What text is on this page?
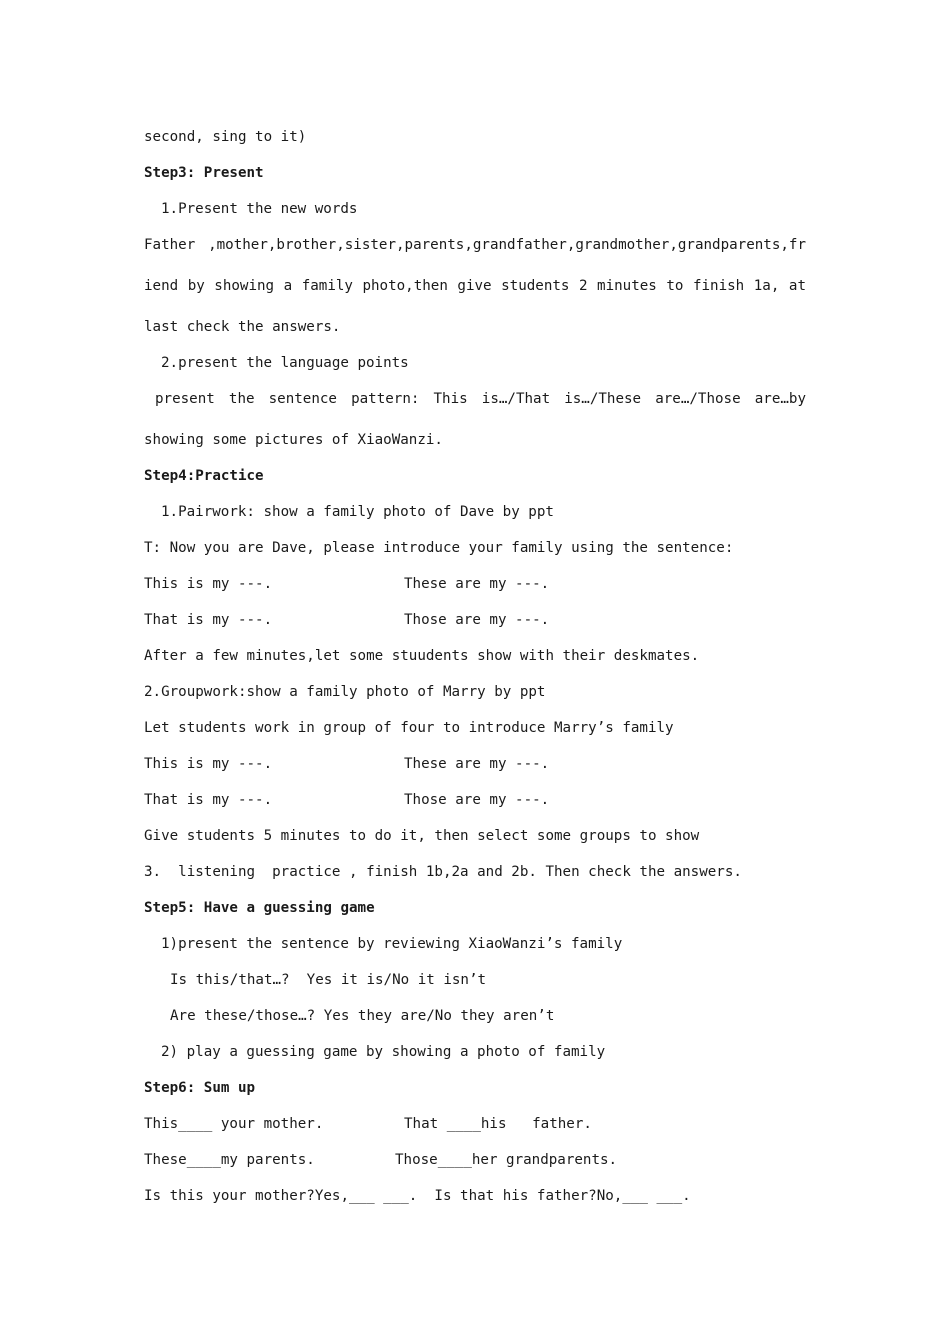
second, sing to it)

Step3: Present

1.Present the new words

Father ,mother,brother,sister,parents,grandfather,grandmother,grandparents,fr

iend by showing a family photo,then give students 2 minutes to finish 1a, at

last check the answers.

2.present the language points

present the sentence pattern: This is…/That is…/These are…/Those are…by

showing some pictures of XiaoWanzi.

Step4:Practice

1.Pairwork: show a family photo of Dave by ppt

T: Now you are Dave, please introduce your family using the sentence:

This is my ---.	These are my ---.

That is my ---.	Those are my ---.

After a few minutes,let some stuudents show with their deskmates.

2.Groupwork:show a family photo of Marry by ppt

Let students work in group of four to introduce Marry’s family

This is my ---.	These are my ---.

That is my ---.	Those are my ---.

Give students 5 minutes to do it, then select some groups to show

3.  listening  practice , finish 1b,2a and 2b. Then check the answers.

Step5: Have a guessing game

1)present the sentence by reviewing XiaoWanzi’s family

Is this/that…?  Yes it is/No it isn’t

Are these/those…? Yes they are/No they aren’t

2) play a guessing game by showing a photo of family

Step6: Sum up

This____ your mother.	That ____his   father.

These____my parents.	Those____her grandparents.

Is this your mother?Yes,___ ___.  Is that his father?No,___ ___.
